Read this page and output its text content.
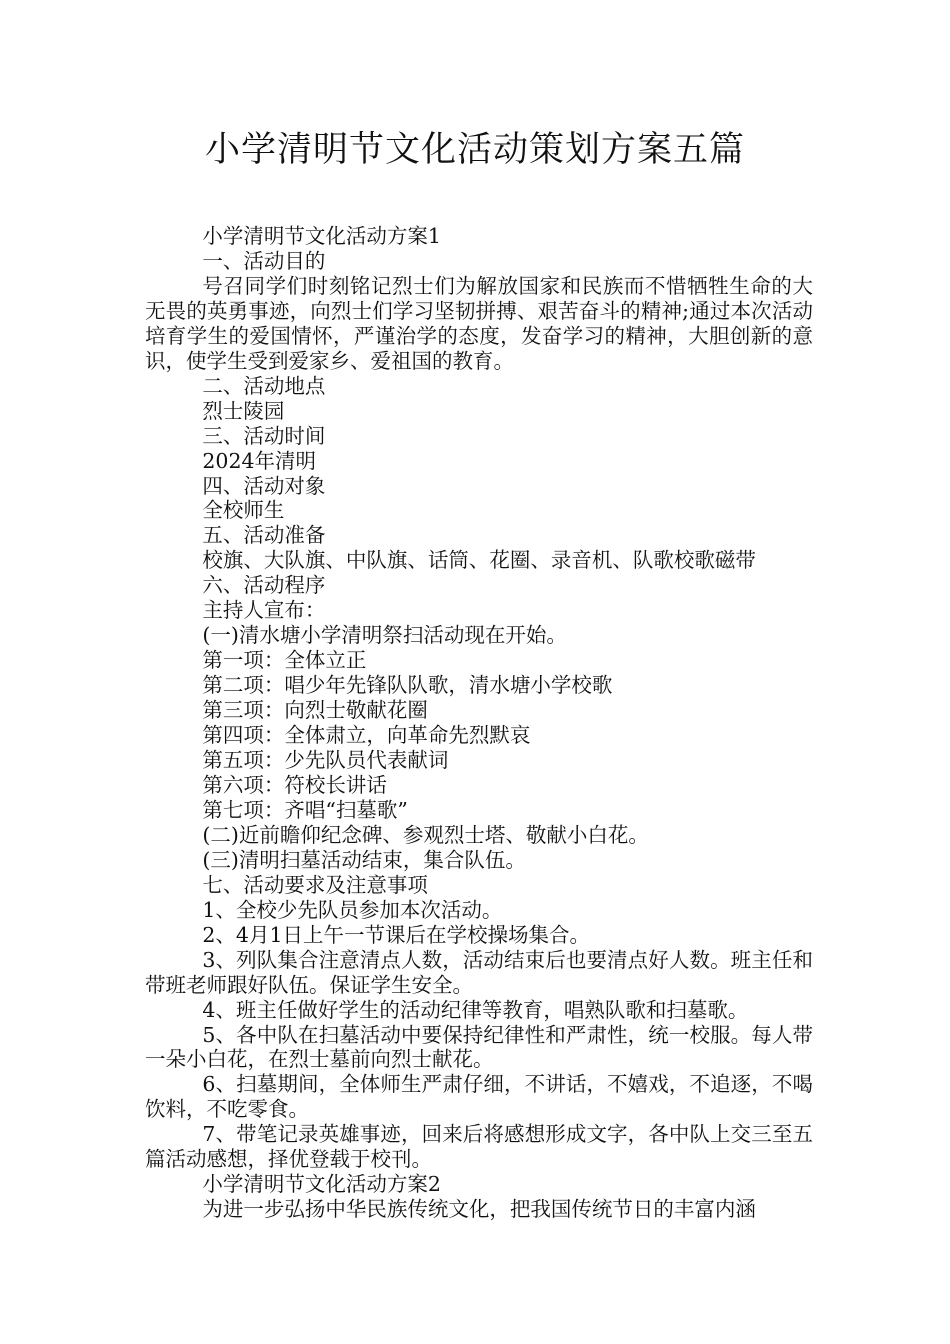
小学清明节文化活动策划方案五篇

小学清明节文化活动方案1

一、活动目的

号召同学们时刻铭记烈士们为解放国家和民族而不惜牺牲生命的大无畏的英勇事迹，向烈士们学习坚韧拼搏、艰苦奋斗的精神;通过本次活动培育学生的爱国情怀，严谨治学的态度，发奋学习的精神，大胆创新的意识，使学生受到爱家乡、爱祖国的教育。

二、活动地点

烈士陵园

三、活动时间

2024年清明

四、活动对象

全校师生

五、活动准备

校旗、大队旗、中队旗、话筒、花圈、录音机、队歌校歌磁带

六、活动程序

主持人宣布：

(一)清水塘小学清明祭扫活动现在开始。

第一项：全体立正

第二项：唱少年先锋队队歌，清水塘小学校歌

第三项：向烈士敬献花圈

第四项：全体肃立，向革命先烈默哀

第五项：少先队员代表献词

第六项：符校长讲话

第七项：齐唱“扫墓歌”

(二)近前瞻仰纪念碑、参观烈士塔、敬献小白花。

(三)清明扫墓活动结束，集合队伍。

七、活动要求及注意事项

1、全校少先队员参加本次活动。

2、4月1日上午一节课后在学校操场集合。

3、列队集合注意清点人数，活动结束后也要清点好人数。班主任和带班老师跟好队伍。保证学生安全。

4、班主任做好学生的活动纪律等教育，唱熟队歌和扫墓歌。

5、各中队在扫墓活动中要保持纪律性和严肃性，统一校服。每人带一朵小白花，在烈士墓前向烈士献花。

6、扫墓期间，全体师生严肃仔细，不讲话，不嬉戏，不追逐，不喝饮料，不吃零食。

7、带笔记录英雄事迹，回来后将感想形成文字，各中队上交三至五篇活动感想，择优登载于校刊。

小学清明节文化活动方案2

为进一步弘扬中华民族传统文化，把我国传统节日的丰富内涵
